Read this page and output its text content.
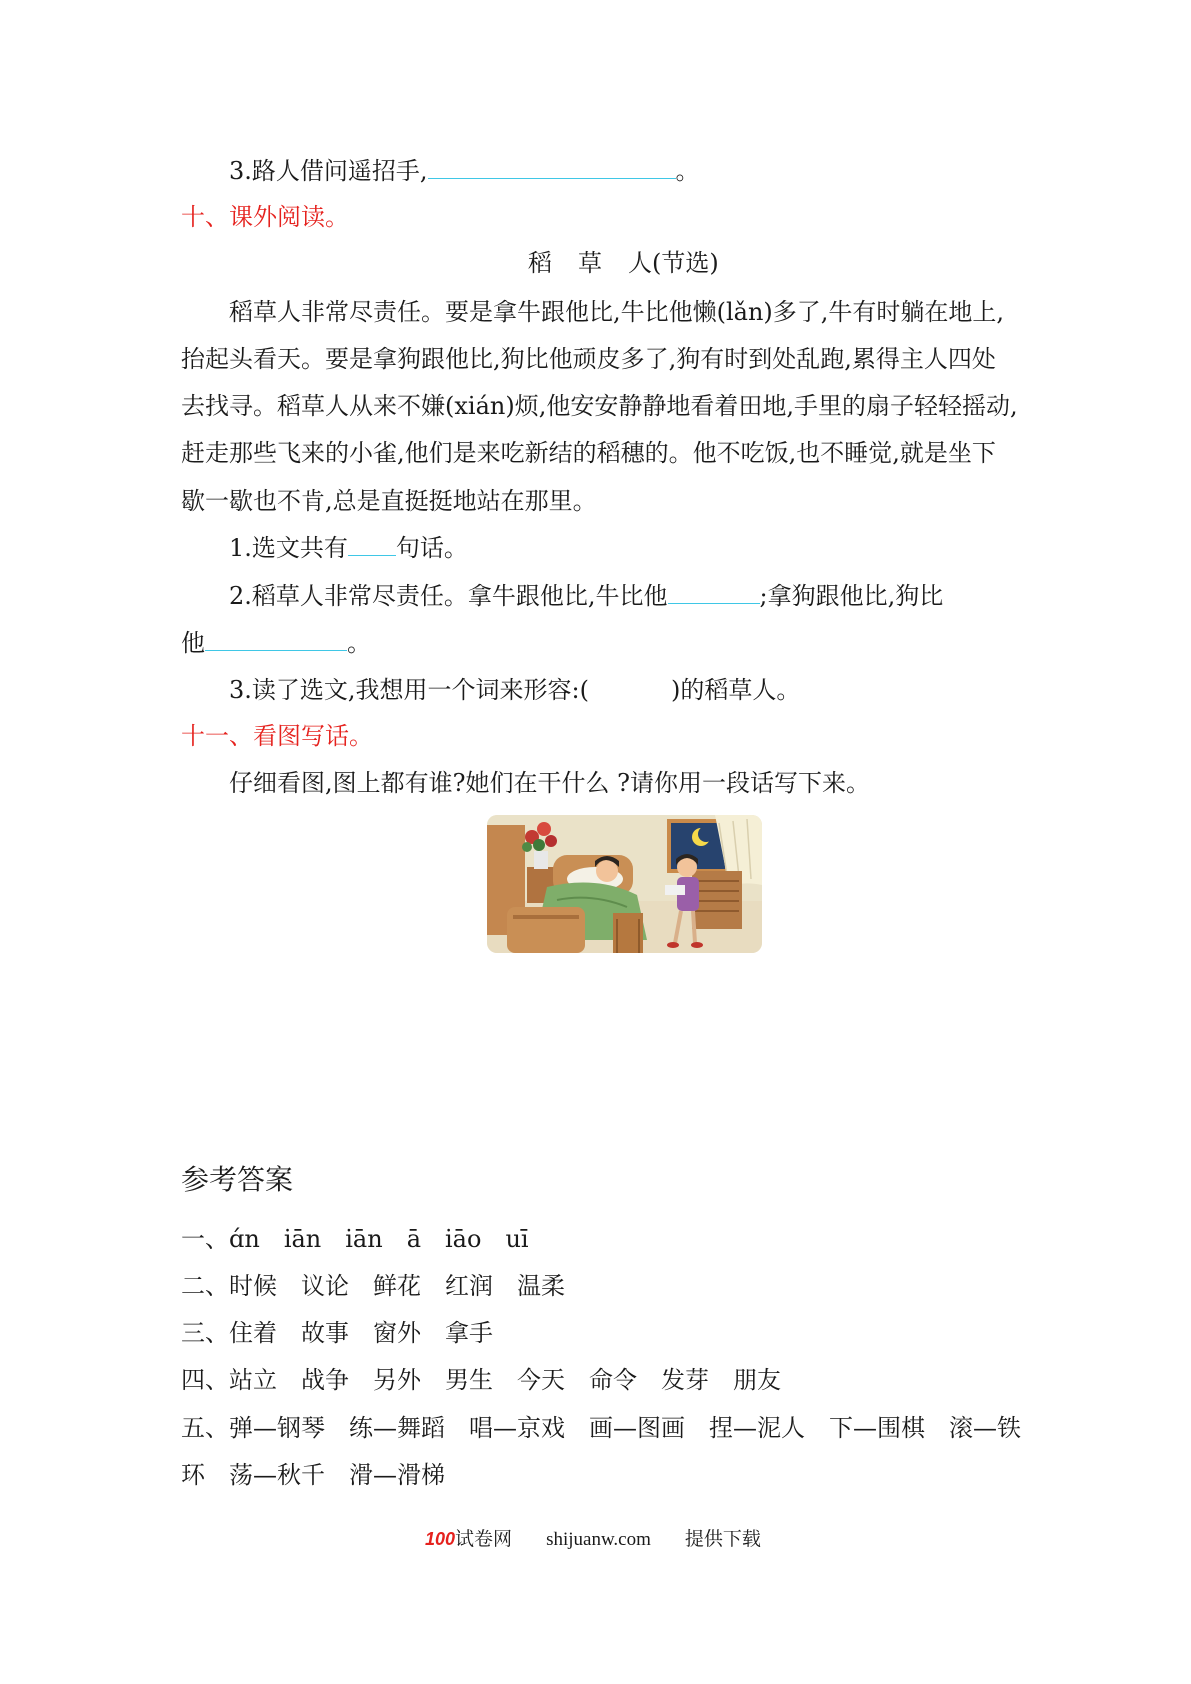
3.路人借问遥招手,	。
十、课外阅读。
稻 草 人(节选)
稻草人非常尽责任。要是拿牛跟他比,牛比他懒(lǎn)多了,牛有时躺在地上,
抬起头看天。要是拿狗跟他比,狗比他顽皮多了,狗有时到处乱跑,累得主人四处
去找寻。稻草人从来不嫌(xián)烦,他安安静静地看着田地,手里的扇子轻轻摇动,
赶走那些飞来的小雀,他们是来吃新结的稻穗的。他不吃饭,也不睡觉,就是坐下
歇一歇也不肯,总是直挺挺地站在那里。
1.选文共有 句话。
2.稻草人非常尽责任。拿牛跟他比,牛比他	;拿狗跟他比,狗比
他	。
3.读了选文,我想用一个词来形容:(	)的稻草人。
十一、看图写话。
仔细看图,图上都有谁?她们在干什么 ?请你用一段话写下来。
参考答案
一、ɑ́n　iān　iān　ā　iāo　uī
二、时候　议论　鲜花　红润　温柔
三、住着　故事　窗外　拿手
四、站立　战争　另外　男生　今天　命令　发芽　朋友
五、弹—钢琴　练—舞蹈　唱—京戏　画—图画　捏—泥人　下—围棋　滚—铁
环　荡—秋千　滑—滑梯
100试卷网 shijuanw.com 提供下载
